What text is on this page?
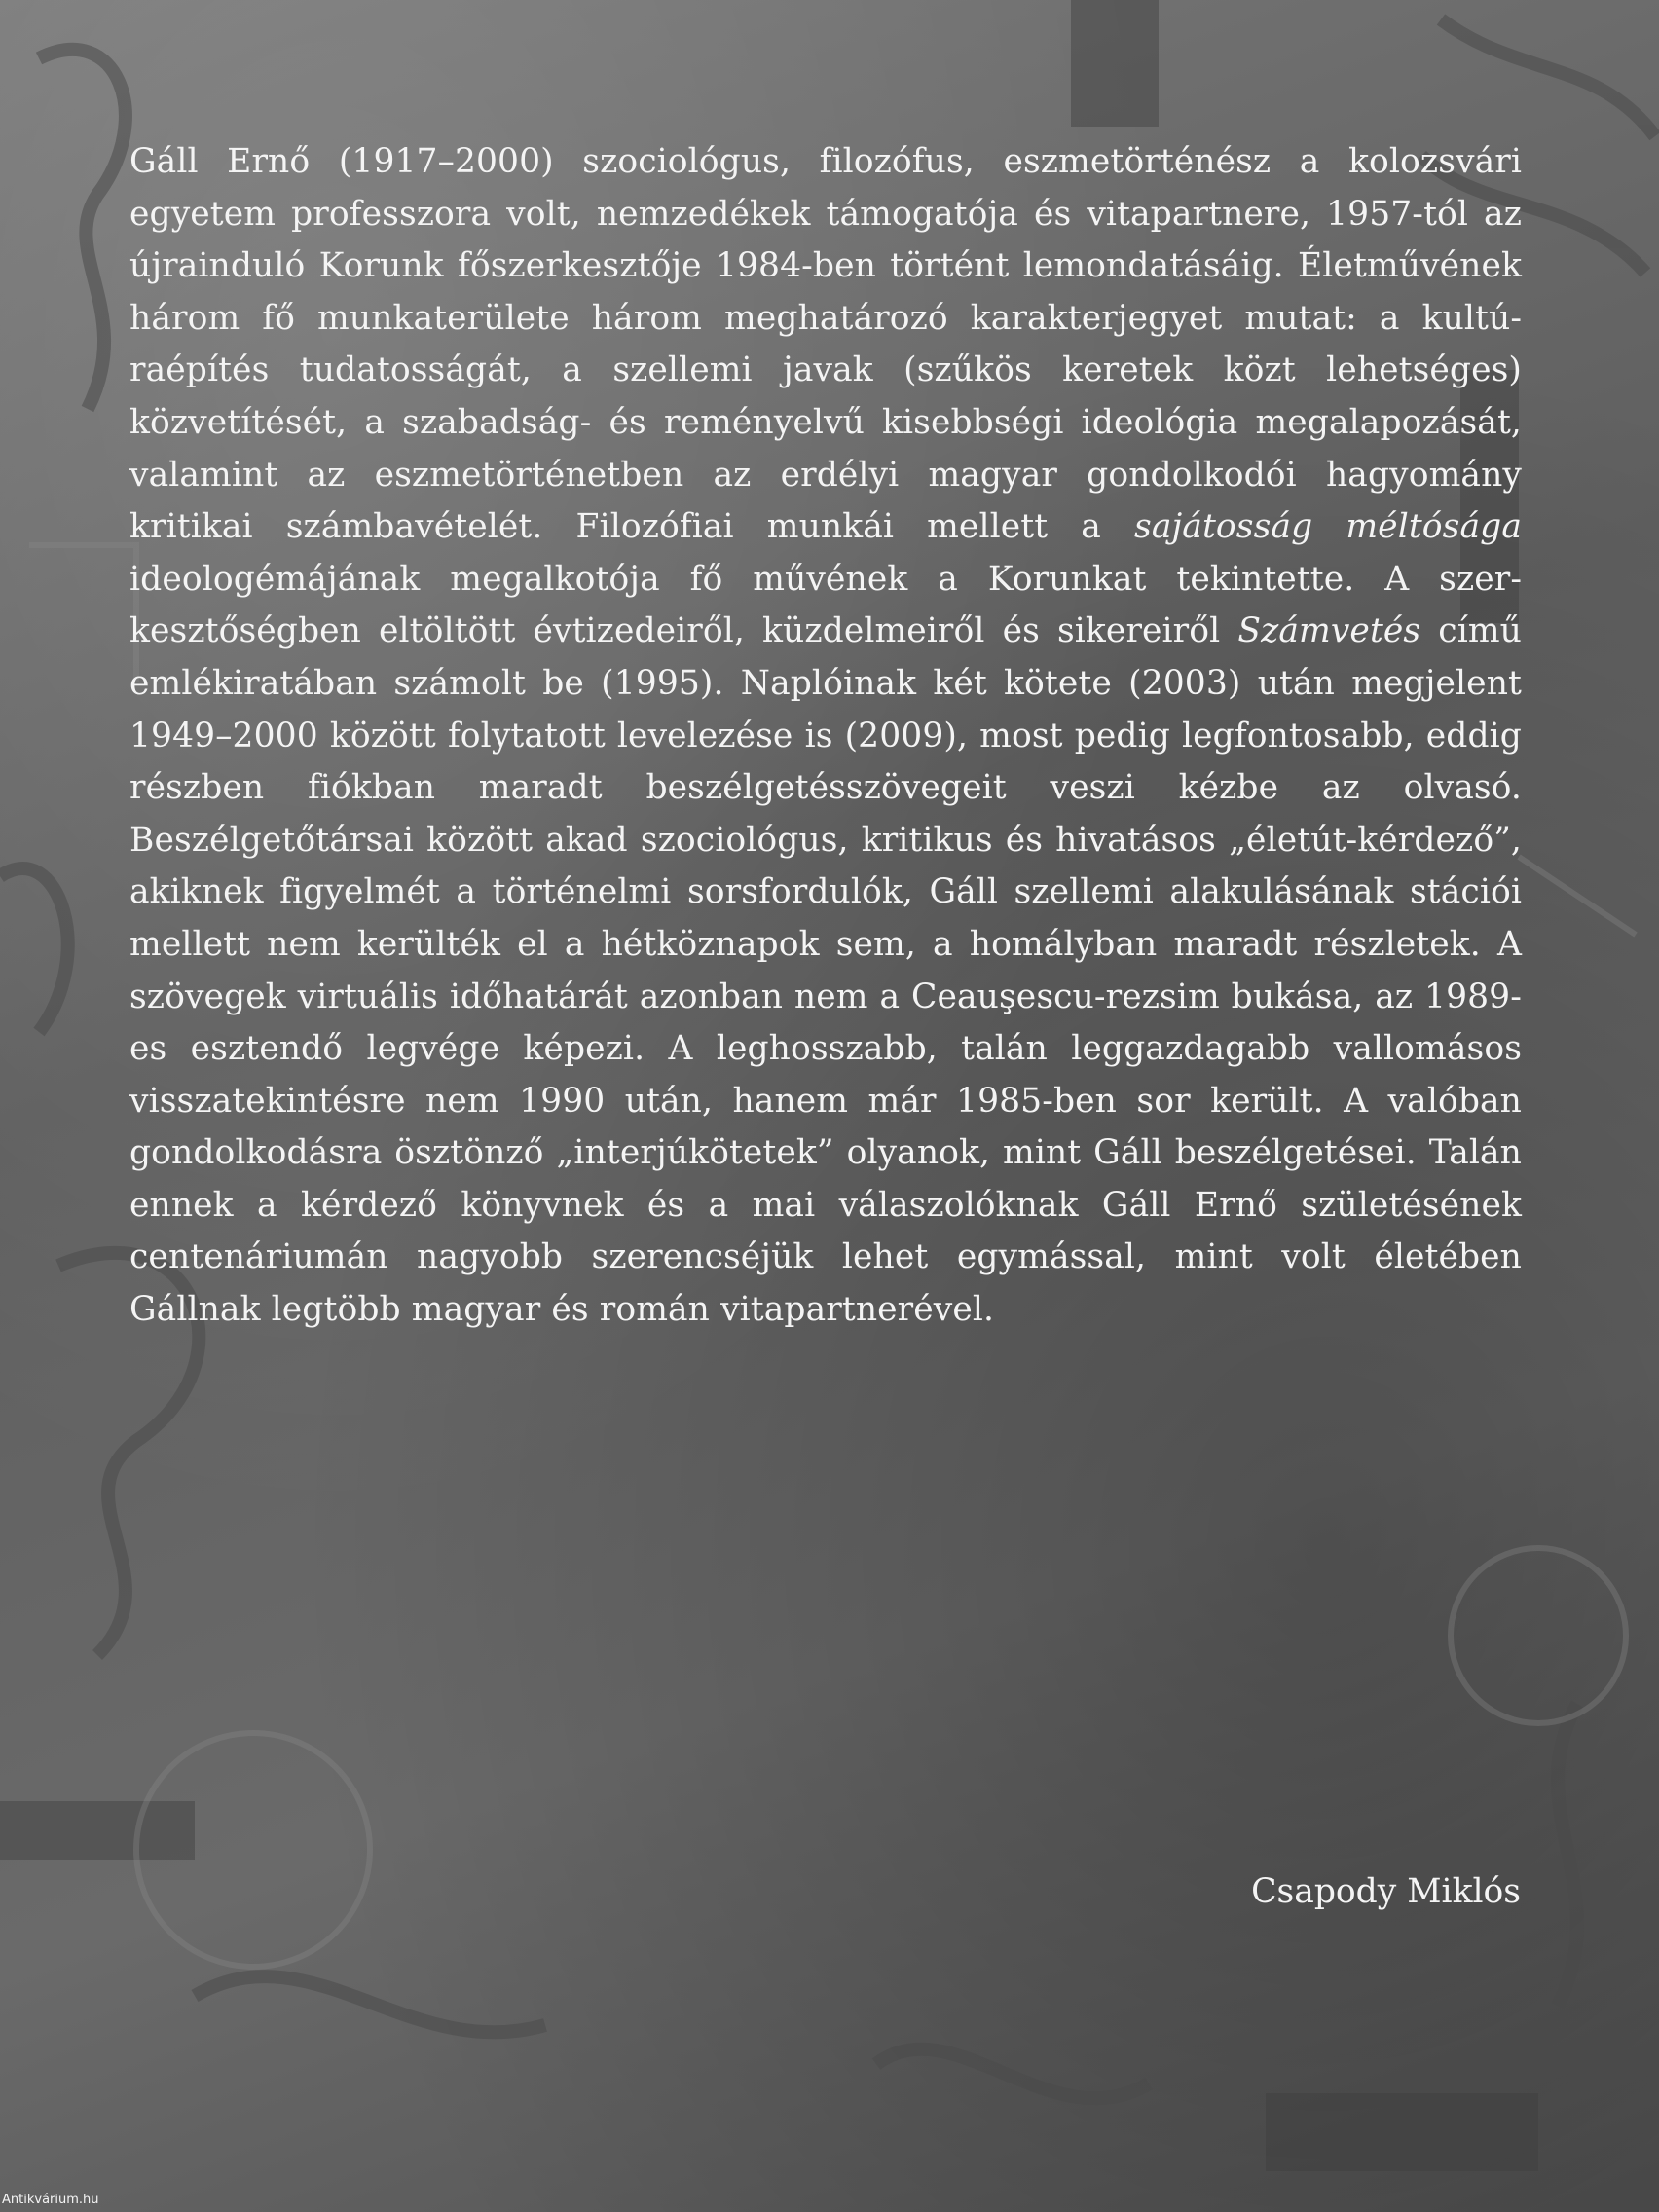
Gáll Ernő (1917–2000) szociológus, filozófus, eszmetörténész a kolozsvári egyetem professzora volt, nemzedékek támogatója és vitapartnere, 1957-tól az újrainduló Korunk főszerkesztője 1984-ben történt lemondatásáig. Életművének három fő munkaterülete három meghatározó karakterjegyet mutat: a kultúraépítés tudatosságát, a szellemi javak (szűkös keretek közt lehetséges) közvetítését, a szabadság- és reményelvű kisebbségi ideológia megalapozását, valamint az eszmetörténetben az erdélyi magyar gondolkodói hagyomány kritikai számbavételét. Filozófiai munkái mellett a sajátosság méltósága ideologémájának megalkotója fő művének a Korunkat tekintette. A szerkesztőségben eltöltött évtizedeiről, küzdelmeiről és sikereiről Számvetés című emlékiratában számolt be (1995). Naplóinak két kötete (2003) után megjelent 1949–2000 között folytatott levelezése is (2009), most pedig legfontosabb, eddig részben fiókban maradt beszélgetésszövegeit veszi kézbe az olvasó. Beszélgetőtársai között akad szociológus, kritikus és hivatásos „életút-kérdező”, akiknek figyelmét a történelmi sorsfordulók, Gáll szellemi alakulásának stációi mellett nem kerülték el a hétköznapok sem, a homályban maradt részletek. A szövegek virtuális időhatárát azonban nem a Ceauşescu-rezsim bukása, az 1989-es esztendő legvége képezi. A leghosszabb, talán leggazdagabb vallomásos visszatekintésre nem 1990 után, hanem már 1985-ben sor került. A valóban gondolkodásra ösztönző „interjúkötetek” olyanok, mint Gáll beszélgetései. Talán ennek a kérdező könyvnek és a mai válaszolóknak Gáll Ernő születésének centenáriumán nagyobb szerencséjük lehet egymással, mint volt életében Gállnak legtöbb magyar és román vitapartnerével.

Csapody Miklós

Antikvárium.hu
